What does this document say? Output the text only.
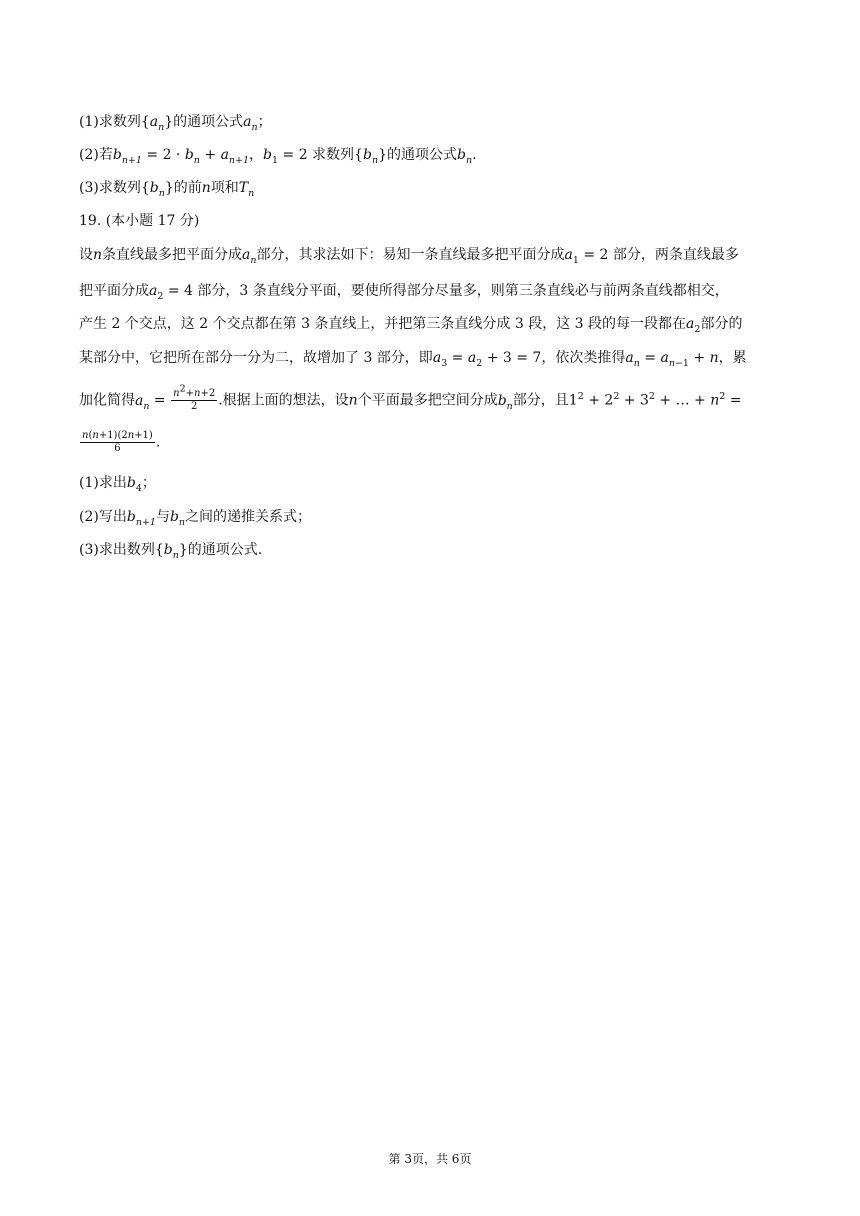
(1)求数列$\{a_n\}$的通项公式$a_n$；
(2)若$b_{n+1} = 2 \cdot b_n + a_{n+1}$，$b_1 = 2$ 求数列$\{b_n\}$的通项公式$b_n$.
(3)求数列$\{b_n\}$的前n项和$T_n$
19. (本小题 17 分)
设n条直线最多把平面分成$a_n$部分，其求法如下：易知一条直线最多把平面分成$a_1 = 2$ 部分，两条直线最多
把平面分成$a_2 = 4$ 部分，3 条直线分平面，要使所得部分尽量多，则第三条直线必与前两条直线都相交，
产生 2 个交点，这 2 个交点都在第 3 条直线上，并把第三条直线分成 3 段，这 3 段的每一段都在$a_2$部分的
某部分中，它把所在部分一分为二，故增加了 3 部分，即$a_3 = a_2 + 3 = 7$，依次类推得$a_n = a_{n-1} + n$，累
加化简得$a_n = \frac{n^2+n+2}{2}$ .根据上面的想法，设n个平面最多把空间分成$b_n$部分，且$1^2 + 2^2 + 3^2$ + … + $n^2$ =
$\frac{n(n+1)(2n+1)}{6}$ .
(1)求出$b_4$；
(2)写出$b_{n+1}$与$b_n$之间的递推关系式；
(3)求出数列$\{b_n\}$的通项公式.
第 3页，共 6页
